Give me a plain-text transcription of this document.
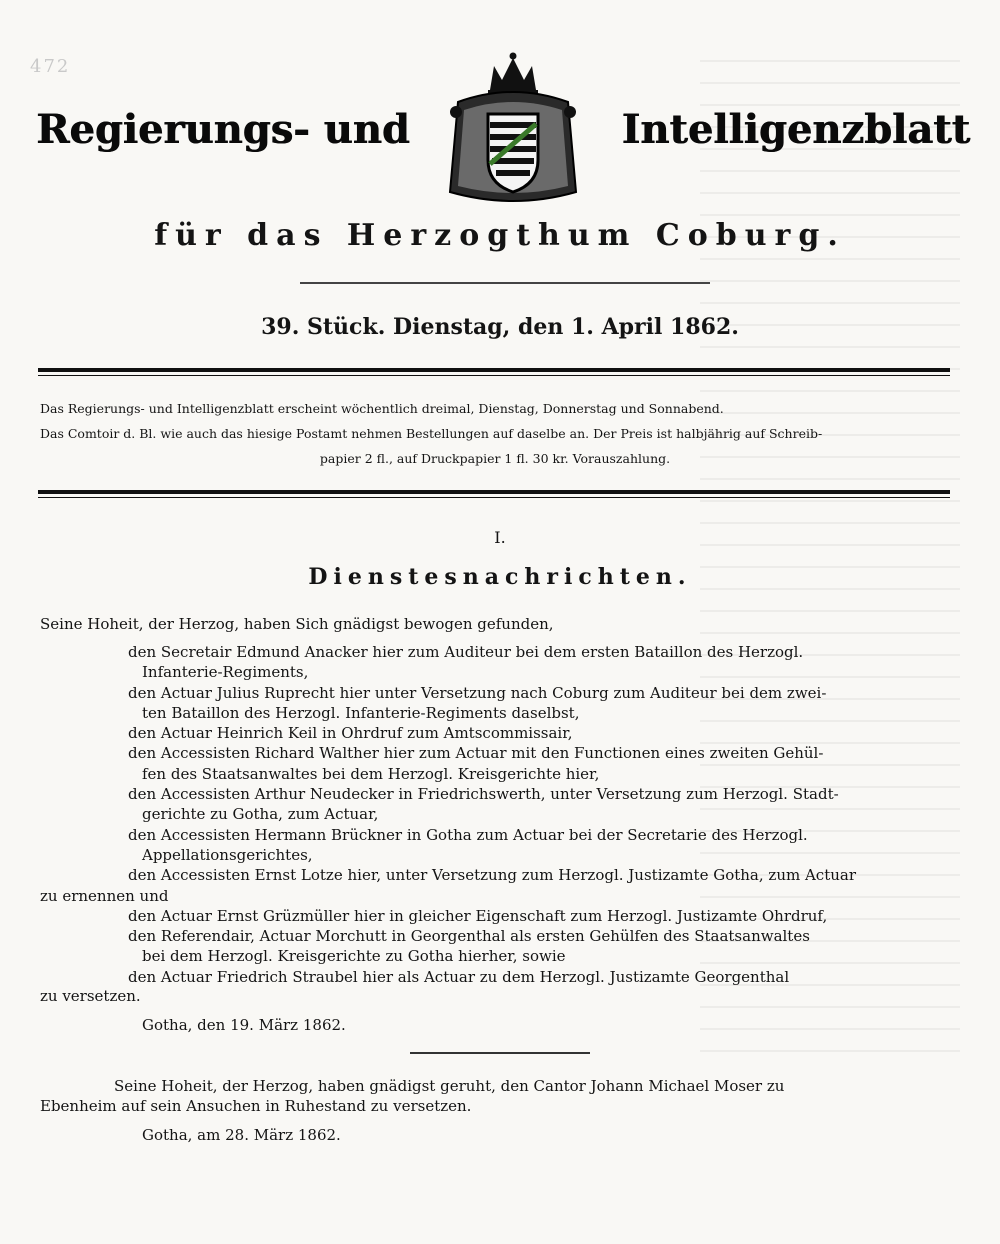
472
Regierungs- und	Intelligenzblatt
für das Herzogthum Coburg.
39. Stück. Dienstag, den 1. April 1862.
Das Regierungs- und Intelligenzblatt erscheint wöchentlich dreimal, Dienstag, Donnerstag und Sonnabend.
Das Comtoir d. Bl. wie auch das hiesige Postamt nehmen Bestellungen auf daselbe an. Der Preis ist halbjährig auf Schreib-
papier 2 fl., auf Druckpapier 1 fl. 30 kr. Vorauszahlung.
I.
Dienstesnachrichten.
Seine Hoheit, der Herzog, haben Sich gnädigst bewogen gefunden,
den Secretair Edmund Anacker hier zum Auditeur bei dem ersten Bataillon des Herzogl.
Infanterie-Regiments,
den Actuar Julius Ruprecht hier unter Versetzung nach Coburg zum Auditeur bei dem zwei-
ten Bataillon des Herzogl. Infanterie-Regiments daselbst,
den Actuar Heinrich Keil in Ohrdruf zum Amtscommissair,
den Accessisten Richard Walther hier zum Actuar mit den Functionen eines zweiten Gehül-
fen des Staatsanwaltes bei dem Herzogl. Kreisgerichte hier,
den Accessisten Arthur Neudecker in Friedrichswerth, unter Versetzung zum Herzogl. Stadt-
gerichte zu Gotha, zum Actuar,
den Accessisten Hermann Brückner in Gotha zum Actuar bei der Secretarie des Herzogl.
Appellationsgerichtes,
den Accessisten Ernst Lotze hier, unter Versetzung zum Herzogl. Justizamte Gotha, zum Actuar
zu ernennen und
den Actuar Ernst Grüzmüller hier in gleicher Eigenschaft zum Herzogl. Justizamte Ohrdruf,
den Referendair, Actuar Morchutt in Georgenthal als ersten Gehülfen des Staatsanwaltes
bei dem Herzogl. Kreisgerichte zu Gotha hierher, sowie
den Actuar Friedrich Straubel hier als Actuar zu dem Herzogl. Justizamte Georgenthal
zu versetzen.
Gotha, den 19. März 1862.
Seine Hoheit, der Herzog, haben gnädigst geruht, den Cantor Johann Michael Moser zu
Ebenheim auf sein Ansuchen in Ruhestand zu versetzen.
Gotha, am 28. März 1862.
